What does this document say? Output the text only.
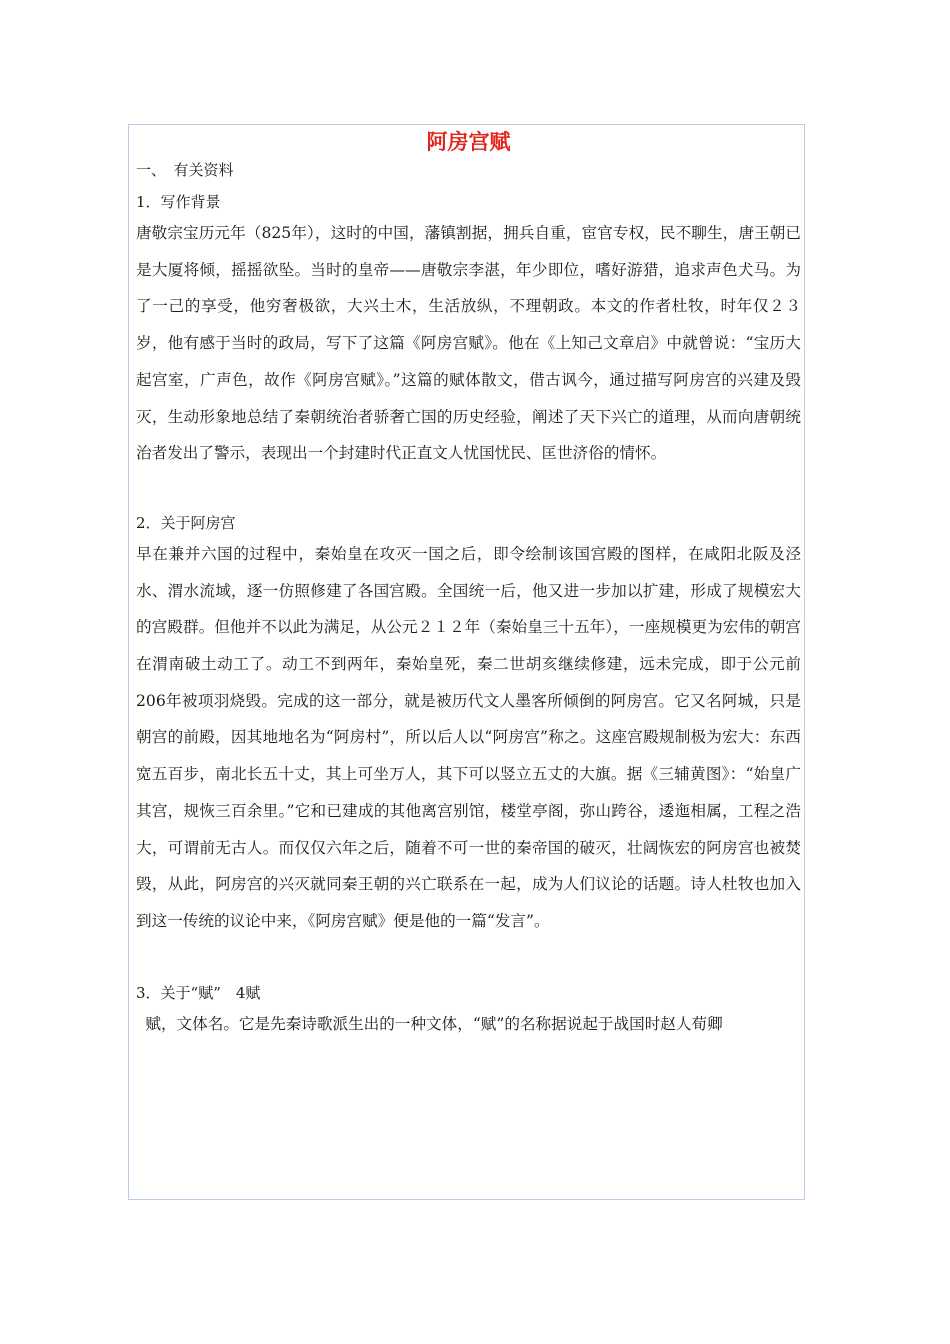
阿房宫赋

一、　有关资料

1．写作背景

唐敬宗宝历元年（825年），这时的中国，藩镇割据，拥兵自重，宦官专权，民不聊生，唐王朝已是大厦将倾，摇摇欲坠。当时的皇帝——唐敬宗李湛，年少即位，嗜好游猎，追求声色犬马。为了一己的享受，他穷奢极欲，大兴土木，生活放纵，不理朝政。本文的作者杜牧，时年仅２３岁，他有感于当时的政局，写下了这篇《阿房宫赋》。他在《上知己文章启》中就曾说：“宝历大起宫室，广声色，故作《阿房宫赋》。”这篇的赋体散文，借古讽今，通过描写阿房宫的兴建及毁灭，生动形象地总结了秦朝统治者骄奢亡国的历史经验，阐述了天下兴亡的道理，从而向唐朝统治者发出了警示，表现出一个封建时代正直文人忧国忧民、匡世济俗的情怀。

2．关于阿房宫

早在兼并六国的过程中，秦始皇在攻灭一国之后，即令绘制该国宫殿的图样，在咸阳北阪及泾水、渭水流域，逐一仿照修建了各国宫殿。全国统一后，他又进一步加以扩建，形成了规模宏大的宫殿群。但他并不以此为满足，从公元２１２年（秦始皇三十五年），一座规模更为宏伟的朝宫在渭南破土动工了。动工不到两年，秦始皇死，秦二世胡亥继续修建，远未完成，即于公元前206年被项羽烧毁。完成的这一部分，就是被历代文人墨客所倾倒的阿房宫。它又名阿城，只是朝宫的前殿，因其地地名为“阿房村”，所以后人以“阿房宫”称之。这座宫殿规制极为宏大：东西宽五百步，南北长五十丈，其上可坐万人，其下可以竖立五丈的大旗。据《三辅黄图》：“始皇广其宫，规恢三百余里。”它和已建成的其他离宫别馆，楼堂亭阁，弥山跨谷，逶迤相属，工程之浩大，可谓前无古人。而仅仅六年之后，随着不可一世的秦帝国的破灭，壮阔恢宏的阿房宫也被焚毁，从此，阿房宫的兴灭就同秦王朝的兴亡联系在一起，成为人们议论的话题。诗人杜牧也加入到这一传统的议论中来，《阿房宫赋》便是他的一篇“发言”。

3．关于“赋”　4赋

赋，文体名。它是先秦诗歌派生出的一种文体，“赋”的名称据说起于战国时赵人荀卿
